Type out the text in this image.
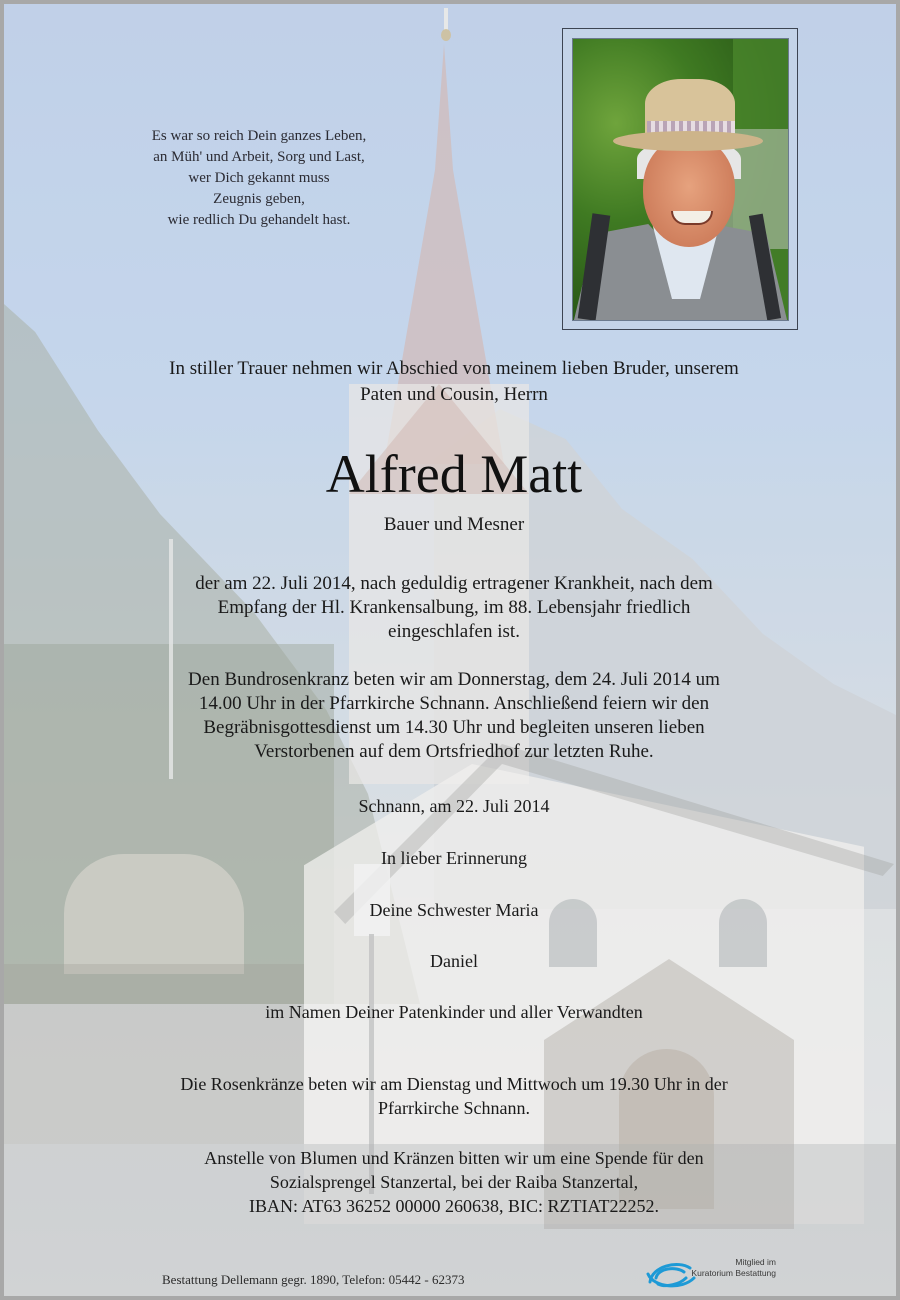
Es war so reich Dein ganzes Leben,
an Müh' und Arbeit, Sorg und Last,
wer Dich gekannt muss
Zeugnis geben,
wie redlich Du gehandelt hast.
In stiller Trauer nehmen wir Abschied von meinem lieben Bruder, unserem
Paten und Cousin, Herrn
Alfred Matt
Bauer und Mesner
der am 22. Juli 2014, nach geduldig ertragener Krankheit, nach dem
Empfang der Hl. Krankensalbung, im 88. Lebensjahr friedlich
eingeschlafen ist.
Den Bundrosenkranz beten wir am Donnerstag, dem 24. Juli 2014 um
14.00 Uhr in der Pfarrkirche Schnann. Anschließend feiern wir den
Begräbnisgottesdienst um 14.30 Uhr und begleiten unseren lieben
Verstorbenen auf dem Ortsfriedhof zur letzten Ruhe.
Schnann, am 22. Juli 2014
In lieber Erinnerung
Deine Schwester Maria
Daniel
im Namen Deiner Patenkinder und aller Verwandten
Die Rosenkränze beten wir am Dienstag und Mittwoch um 19.30 Uhr in der
Pfarrkirche Schnann.
Anstelle von Blumen und Kränzen bitten wir um eine Spende für den
Sozialsprengel Stanzertal, bei der Raiba Stanzertal,
IBAN: AT63 36252 00000 260638, BIC: RZTIAT22252.
Bestattung Dellemann gegr. 1890, Telefon: 05442 - 62373
Mitglied im
Kuratorium Bestattung
